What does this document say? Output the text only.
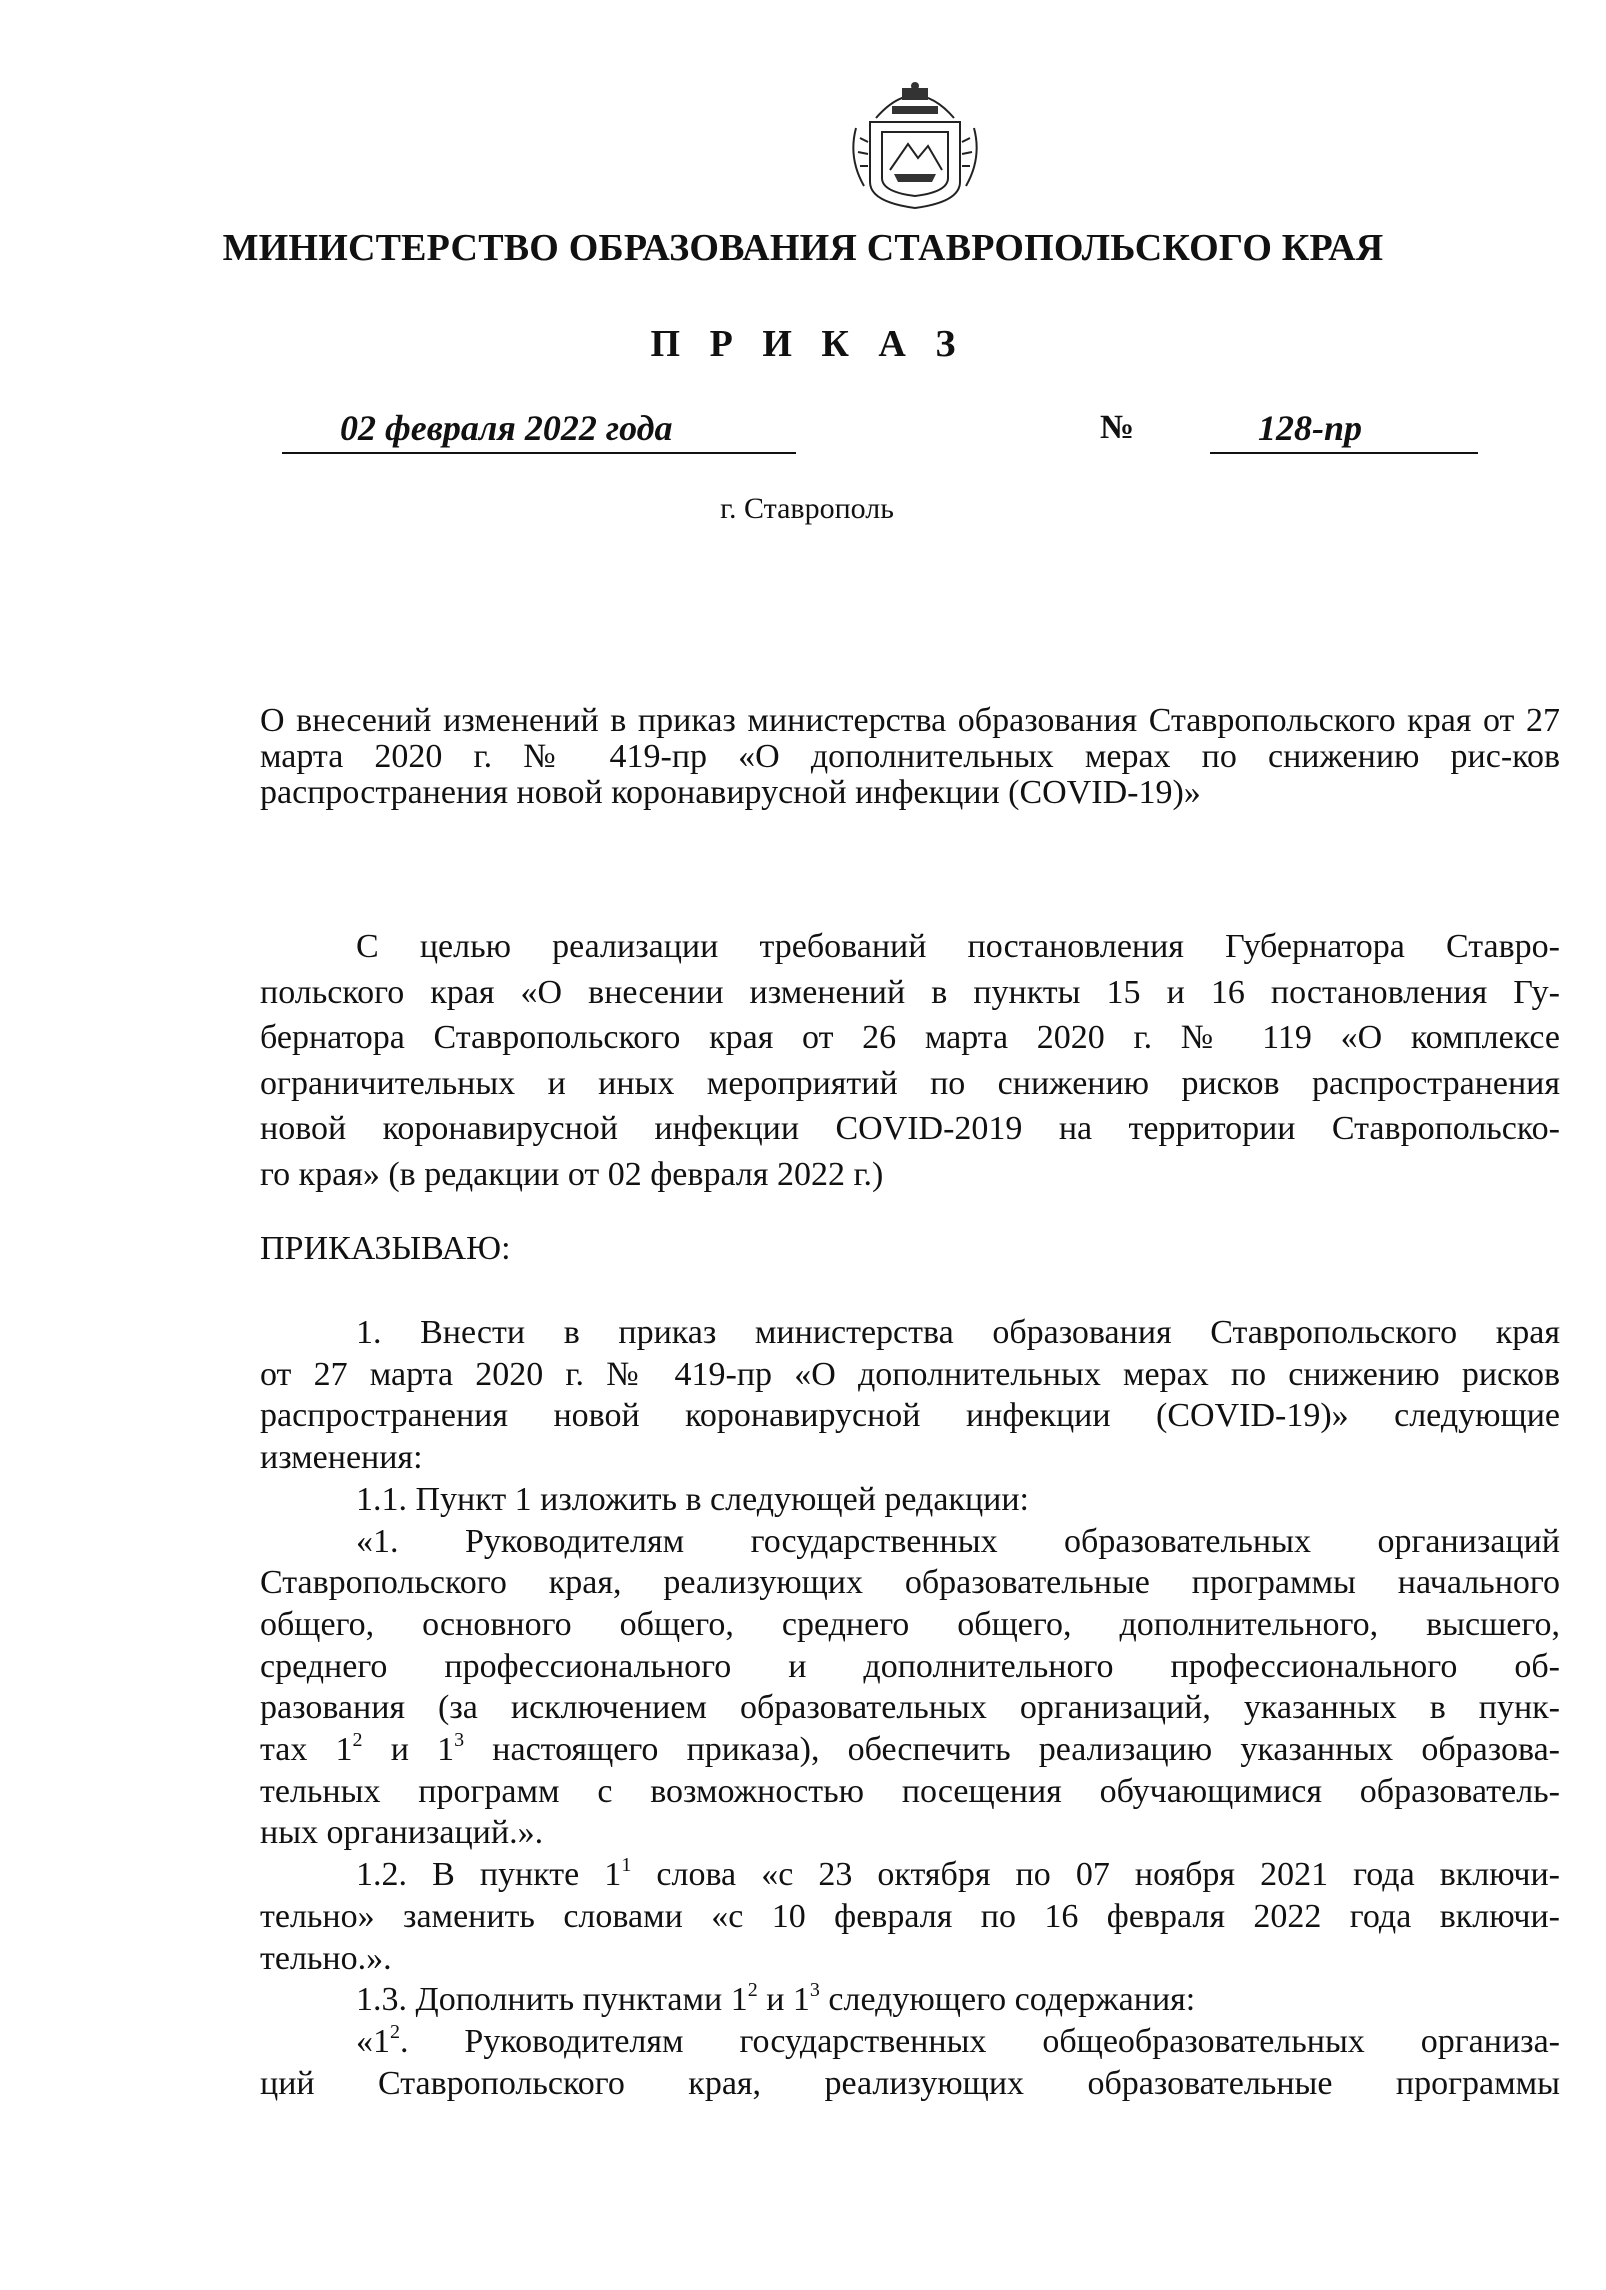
МИНИСТЕРСТВО ОБРАЗОВАНИЯ СТАВРОПОЛЬСКОГО КРАЯ
П Р И К А З
02 февраля 2022 года	№	128-пр
г. Ставрополь
О внесений изменений в приказ министерства образования Ставропольского края от 27 марта 2020 г. № 419-пр «О дополнительных мерах по снижению рис-ков распространения новой коронавирусной инфекции (COVID-19)»

С целью реализации требований постановления Губернатора Ставро-

польского края «О внесении изменений в пункты 15 и 16 постановления Гу-

бернатора Ставропольского края от 26 марта 2020 г. № 119 «О комплексе

ограничительных и иных мероприятий по снижению рисков распространения

новой коронавирусной инфекции COVID-2019 на территории Ставропольско-

го края» (в редакции от 02 февраля 2022 г.)

ПРИКАЗЫВАЮ:

1. Внести в приказ министерства образования Ставропольского края

от 27 марта 2020 г. № 419-пр «О дополнительных мерах по снижению рисков

распространения новой коронавирусной инфекции (COVID-19)» следующие

изменения:

1.1. Пункт 1 изложить в следующей редакции:

«1. Руководителям государственных образовательных организаций

Ставропольского края, реализующих образовательные программы начального

общего, основного общего, среднего общего, дополнительного, высшего,

среднего профессионального и дополнительного профессионального об-

разования (за исключением образовательных организаций, указанных в пунк-

тах $1^2$ и $1^3$ настоящего приказа), обеспечить реализацию указанных образова-

тельных программ с возможностью посещения обучающимися образователь-

ных организаций.».

1.2. В пункте $1^1$ слова «с 23 октября по 07 ноября 2021 года включи-

тельно» заменить словами «с 10 февраля по 16 февраля 2022 года включи-

тельно.».

1.3. Дополнить пунктами $1^2$ и $1^3$ следующего содержания:

«$1^2$. Руководителям государственных общеобразовательных организа-

ций Ставропольского края, реализующих образовательные программы
